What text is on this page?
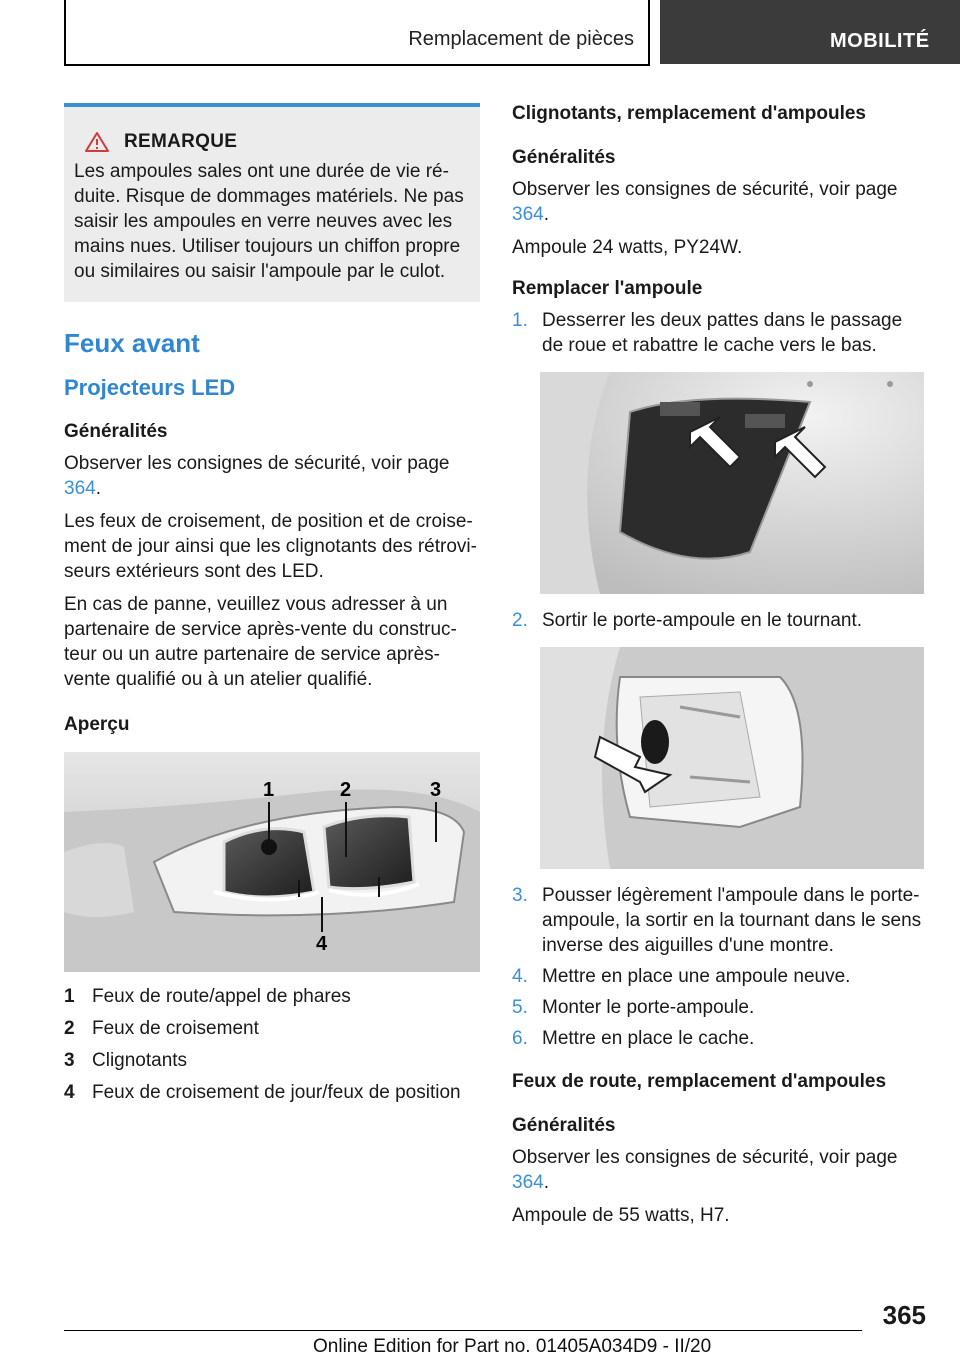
Remplacement de pièces	MOBILITÉ
REMARQUE

Les ampoules sales ont une durée de vie réduite. Risque de dommages matériels. Ne pas saisir les ampoules en verre neuves avec les mains nues. Utiliser toujours un chiffon propre ou similaires ou saisir l'ampoule par le culot.

Feux avant
Projecteurs LED
Généralités

Observer les consignes de sécurité, voir page 364.

Les feux de croisement, de position et de croisement de jour ainsi que les clignotants des rétroviseurs extérieurs sont des LED.

En cas de panne, veuillez vous adresser à un partenaire de service après-vente du constructeur ou un autre partenaire de service après-vente qualifié ou à un atelier qualifié.

Aperçu
1	2	3
4
1 Feux de route/appel de phares
2 Feux de croisement
3 Clignotants
4 Feux de croisement de jour/feux de position
Clignotants, remplacement d'ampoules
Généralités

Observer les consignes de sécurité, voir page 364.

Ampoule 24 watts, PY24W.

Remplacer l'ampoule
1. Desserrer les deux pattes dans le passage de roue et rabattre le cache vers le bas.
2. Sortir le porte-ampoule en le tournant.
3. Pousser légèrement l'ampoule dans le porte-ampoule, la sortir en la tournant dans le sens inverse des aiguilles d'une montre.
4. Mettre en place une ampoule neuve.
5. Monter le porte-ampoule.
6. Mettre en place le cache.
Feux de route, remplacement d'ampoules
Généralités

Observer les consignes de sécurité, voir page 364.

Ampoule de 55 watts, H7.

365
Online Edition for Part no. 01405A034D9 - II/20
